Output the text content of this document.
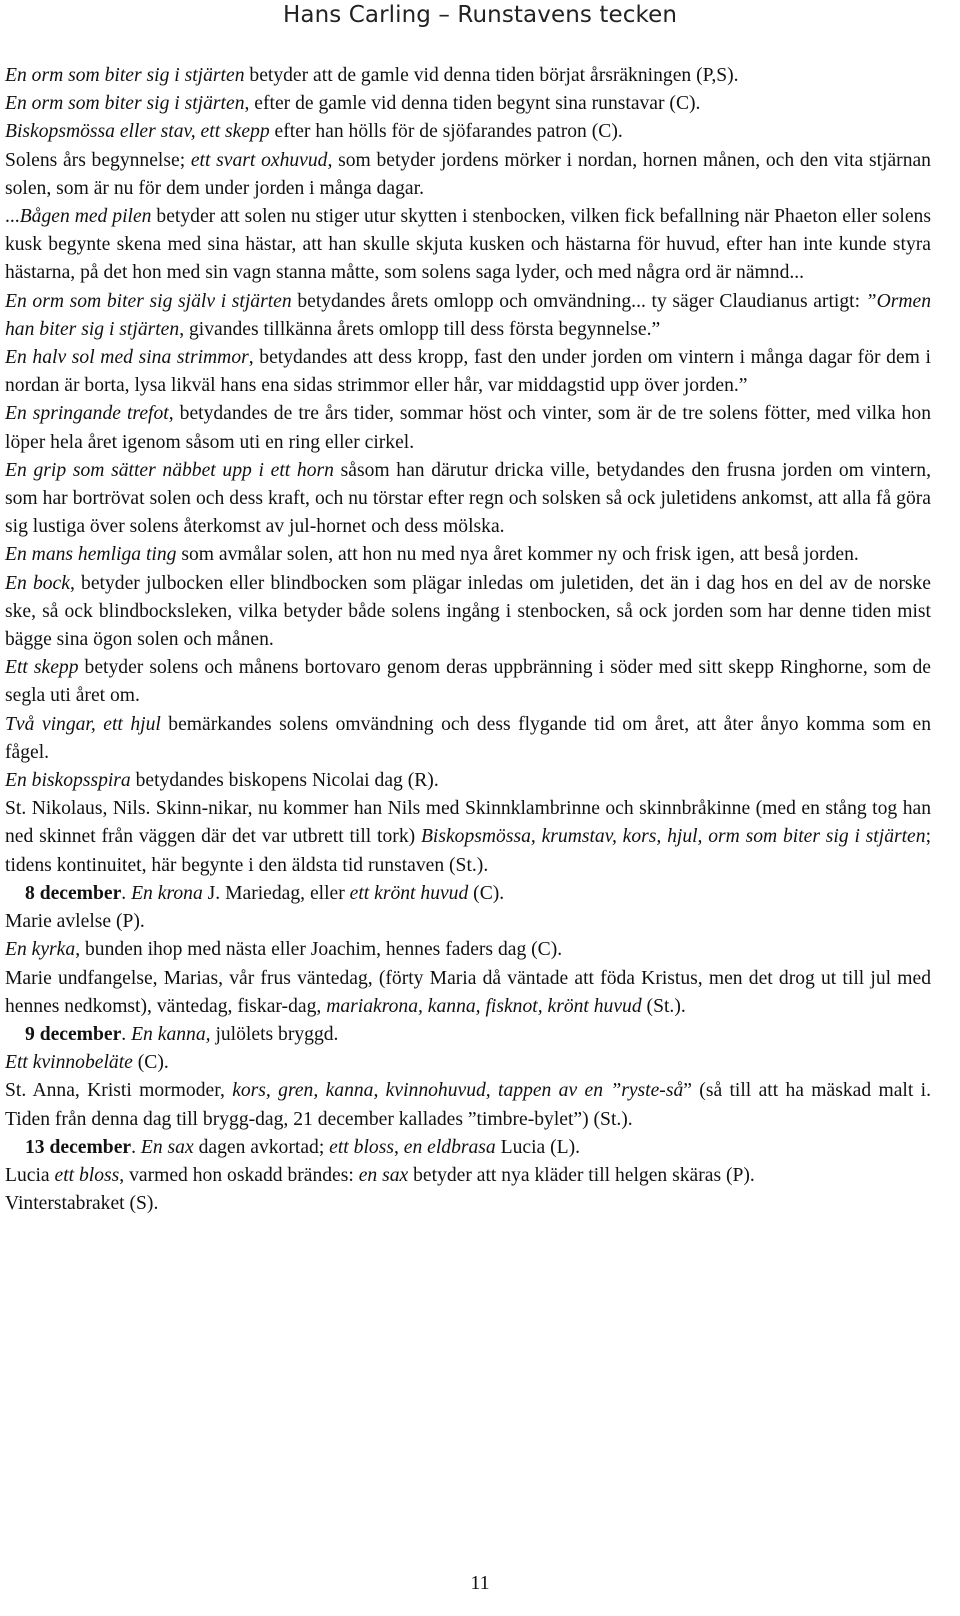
Hans Carling – Runstavens tecken

En orm som biter sig i stjärten betyder att de gamle vid denna tiden börjat årsräkningen (P,S).

En orm som biter sig i stjärten, efter de gamle vid denna tiden begynt sina runstavar (C).

Biskopsmössa eller stav, ett skepp efter han hölls för de sjöfarandes patron (C).

Solens års begynnelse; ett svart oxhuvud, som betyder jordens mörker i nordan, hornen månen, och den vita stjärnan solen, som är nu för dem under jorden i många dagar.

...Bågen med pilen betyder att solen nu stiger utur skytten i stenbocken, vilken fick befallning när Phaeton eller solens kusk begynte skena med sina hästar, att han skulle skjuta kusken och hästarna för huvud, efter han inte kunde styra hästarna, på det hon med sin vagn stanna måtte, som solens saga lyder, och med några ord är nämnd...

En orm som biter sig själv i stjärten betydandes årets omlopp och omvändning... ty säger Claudianus artigt: ”Ormen han biter sig i stjärten, givandes tillkänna årets omlopp till dess första begynnelse.”

En halv sol med sina strimmor, betydandes att dess kropp, fast den under jorden om vintern i många dagar för dem i nordan är borta, lysa likväl hans ena sidas strimmor eller hår, var middagstid upp över jorden.”

En springande trefot, betydandes de tre års tider, sommar höst och vinter, som är de tre solens fötter, med vilka hon löper hela året igenom såsom uti en ring eller cirkel.

En grip som sätter näbbet upp i ett horn såsom han därutur dricka ville, betydandes den frusna jorden om vintern, som har bortrövat solen och dess kraft, och nu törstar efter regn och solsken så ock juletidens ankomst, att alla få göra sig lustiga över solens återkomst av jul-hornet och dess mölska.

En mans hemliga ting som avmålar solen, att hon nu med nya året kommer ny och frisk igen, att beså jorden.

En bock, betyder julbocken eller blindbocken som plägar inledas om juletiden, det än i dag hos en del av de norske ske, så ock blindbocksleken, vilka betyder både solens ingång i stenbocken, så ock jorden som har denne tiden mist bägge sina ögon solen och månen.

Ett skepp betyder solens och månens bortovaro genom deras uppbränning i söder med sitt skepp Ringhorne, som de segla uti året om.

Två vingar, ett hjul bemärkandes solens omvändning och dess flygande tid om året, att åter ånyo komma som en fågel.

En biskopsspira betydandes biskopens Nicolai dag (R).

St. Nikolaus, Nils. Skinn-nikar, nu kommer han Nils med Skinnklambrinne och skinnbråkinne (med en stång tog han ned skinnet från väggen där det var utbrett till tork) Biskopsmössa, krumstav, kors, hjul, orm som biter sig i stjärten; tidens kontinuitet, här begynte i den äldsta tid runstaven (St.).

8 december. En krona J. Mariedag, eller ett krönt huvud (C).

Marie avlelse (P).

En kyrka, bunden ihop med nästa eller Joachim, hennes faders dag (C).

Marie undfangelse, Marias, vår frus väntedag, (förty Maria då väntade att föda Kristus, men det drog ut till jul med hennes nedkomst), väntedag, fiskar-dag, mariakrona, kanna, fisknot, krönt huvud (St.).

9 december. En kanna, julölets bryggd.

Ett kvinnobeläte (C).

St. Anna, Kristi mormoder, kors, gren, kanna, kvinnohuvud, tappen av en ”ryste-så” (så till att ha mäskad malt i. Tiden från denna dag till brygg-dag, 21 december kallades ”timbre-bylet”) (St.).

13 december. En sax dagen avkortad; ett bloss, en eldbrasa Lucia (L).

Lucia ett bloss, varmed hon oskadd brändes: en sax betyder att nya kläder till helgen skäras (P).

Vinterstabraket (S).

11
